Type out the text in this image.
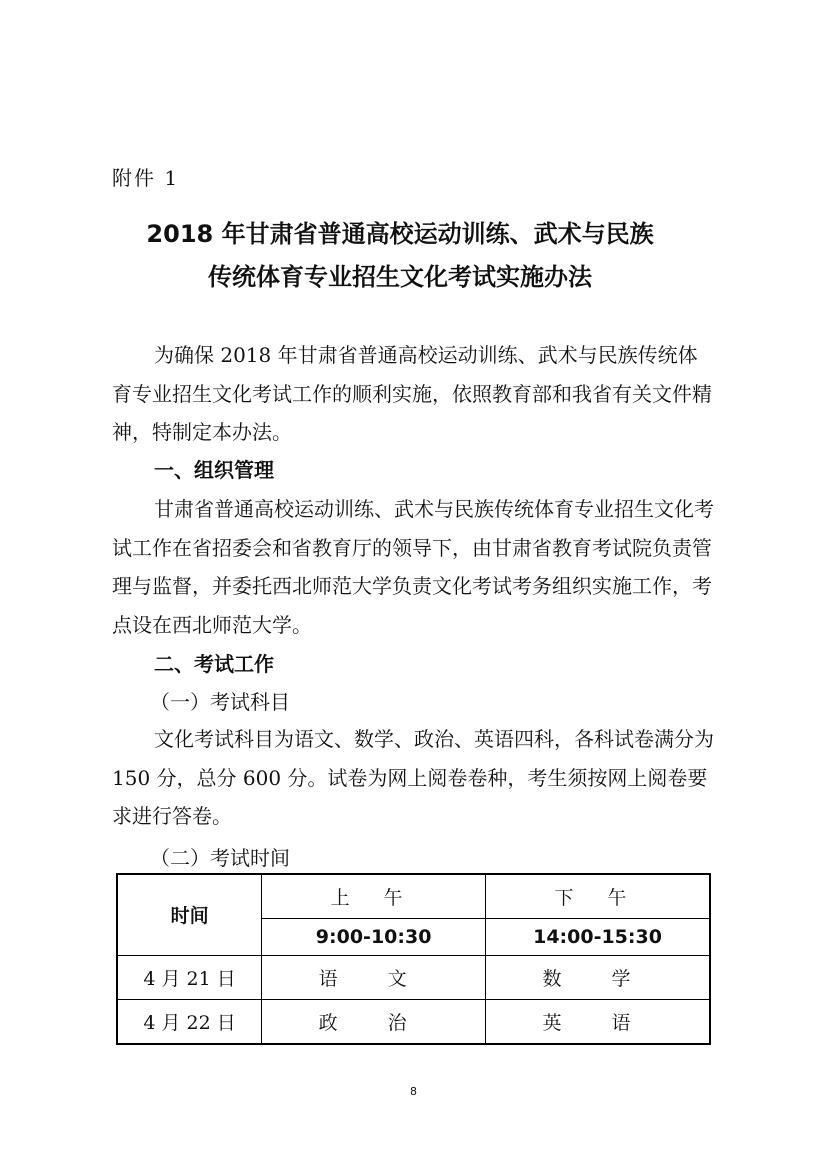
附件 1
2018 年甘肃省普通高校运动训练、武术与民族
传统体育专业招生文化考试实施办法
为确保 2018 年甘肃省普通高校运动训练、武术与民族传统体育专业招生文化考试工作的顺利实施，依照教育部和我省有关文件精神，特制定本办法。
一、组织管理
甘肃省普通高校运动训练、武术与民族传统体育专业招生文化考试工作在省招委会和省教育厅的领导下，由甘肃省教育考试院负责管理与监督，并委托西北师范大学负责文化考试考务组织实施工作，考点设在西北师范大学。
二、考试工作
（一）考试科目
文化考试科目为语文、数学、政治、英语四科，各科试卷满分为 150 分，总分 600 分。试卷为网上阅卷卷种，考生须按网上阅卷要求进行答卷。
（二）考试时间
时间	上 午	下 午
	9:00-10:30	14:00-15:30
4 月 21 日	语 文	数 学
4 月 22 日	政 治	英 语
8
